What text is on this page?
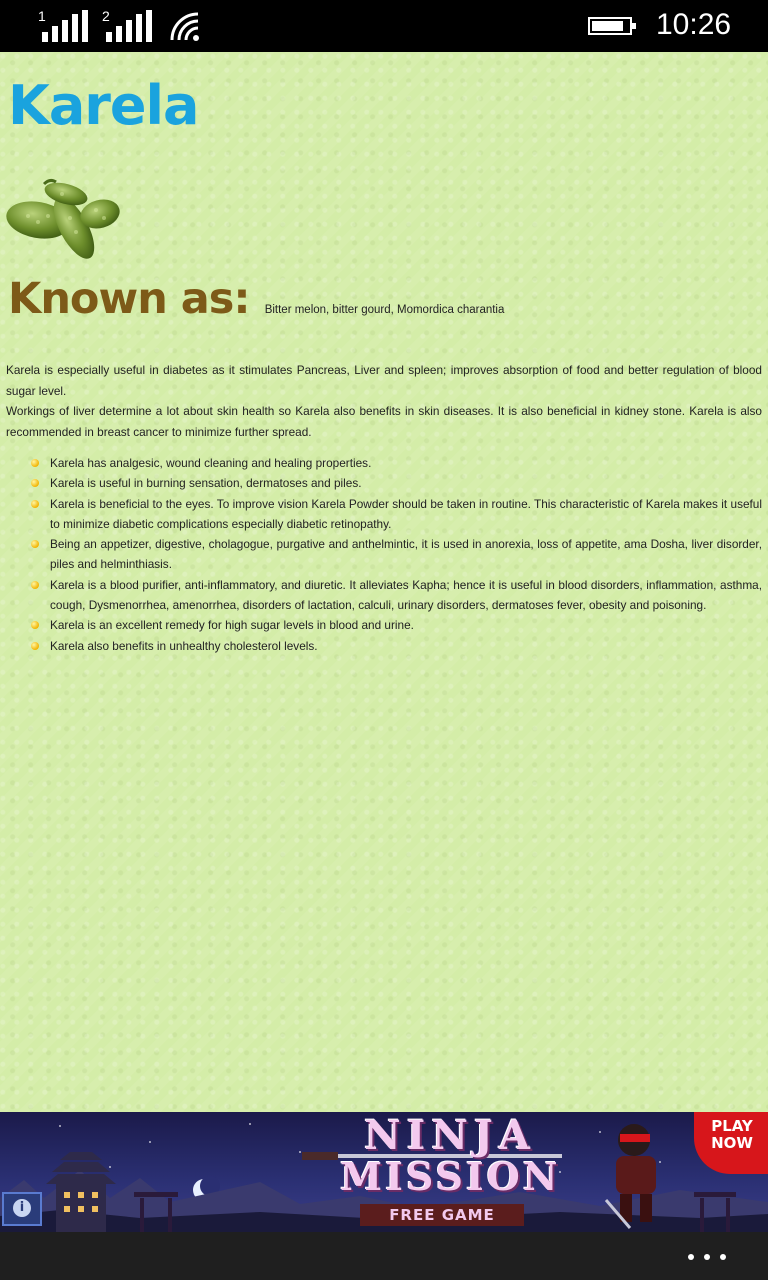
1	2	10:26
Karela
Known as: Bitter melon, bitter gourd, Momordica charantia

Karela is especially useful in diabetes as it stimulates Pancreas, Liver and spleen; improves absorption of food and better regulation of blood sugar level.

Workings of liver determine a lot about skin health so Karela also benefits in skin diseases. It is also beneficial in kidney stone. Karela is also recommended in breast cancer to minimize further spread.

Karela has analgesic, wound cleaning and healing properties.
Karela is useful in burning sensation, dermatoses and piles.
Karela is beneficial to the eyes. To improve vision Karela Powder should be taken in routine. This characteristic of Karela makes it useful to minimize diabetic complications especially diabetic retinopathy.
Being an appetizer, digestive, cholagogue, purgative and anthelmintic, it is used in anorexia, loss of appetite, ama Dosha, liver disorder, piles and helminthiasis.
Karela is a blood purifier, anti-inflammatory, and diuretic. It alleviates Kapha; hence it is useful in blood disorders, inflammation, asthma, cough, Dysmenorrhea, amenorrhea, disorders of lactation, calculi, urinary disorders, dermatoses fever, obesity and poisoning.
Karela is an excellent remedy for high sugar levels in blood and urine.
Karela also benefits in unhealthy cholesterol levels.
NINJA
MISSION
FREE GAME
PLAY
NOW
i
